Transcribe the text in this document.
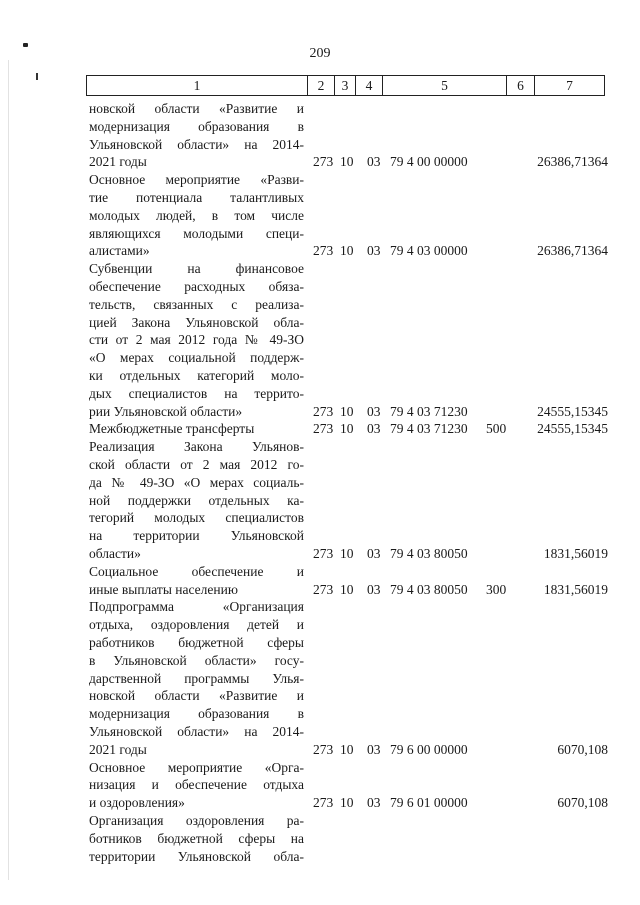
209
1	2	3	4	5	6	7
новской области «Развитие и
модернизация образования в
Ульяновской области» на 2014-
2021 годы	273 10 03 79 4 00 00000	26386,71364
Основное мероприятие «Разви-
тие потенциала талантливых
молодых людей, в том числе
являющихся молодыми специ-
алистами»	273 10 03 79 4 03 00000	26386,71364
Субвенции на финансовое
обеспечение расходных обяза-
тельств, связанных с реализа-
цией Закона Ульяновской обла-
сти от 2 мая 2012 года № 49-ЗО
«О мерах социальной поддерж-
ки отдельных категорий моло-
дых специалистов на террито-
рии Ульяновской области»	273 10 03 79 4 03 71230	24555,15345
Межбюджетные трансферты	273 10 03 79 4 03 71230 500 24555,15345
Реализация Закона Ульянов-
ской области от 2 мая 2012 го-
да № 49-ЗО «О мерах социаль-
ной поддержки отдельных ка-
тегорий молодых специалистов
на территории Ульяновской
области»	273 10 03 79 4 03 80050	1831,56019
Социальное обеспечение и
иные выплаты населению	273 10 03 79 4 03 80050 300	1831,56019
Подпрограмма «Организация
отдыха, оздоровления детей и
работников бюджетной сферы
в Ульяновской области» госу-
дарственной программы Улья-
новской области «Развитие и
модернизация образования в
Ульяновской области» на 2014-
2021 годы	273 10 03 79 6 00 00000	6070,108
Основное мероприятие «Орга-
низация и обеспечение отдыха
и оздоровления»	273 10 03 79 6 01 00000	6070,108
Организация оздоровления ра-
ботников бюджетной сферы на
территории Ульяновской обла-
